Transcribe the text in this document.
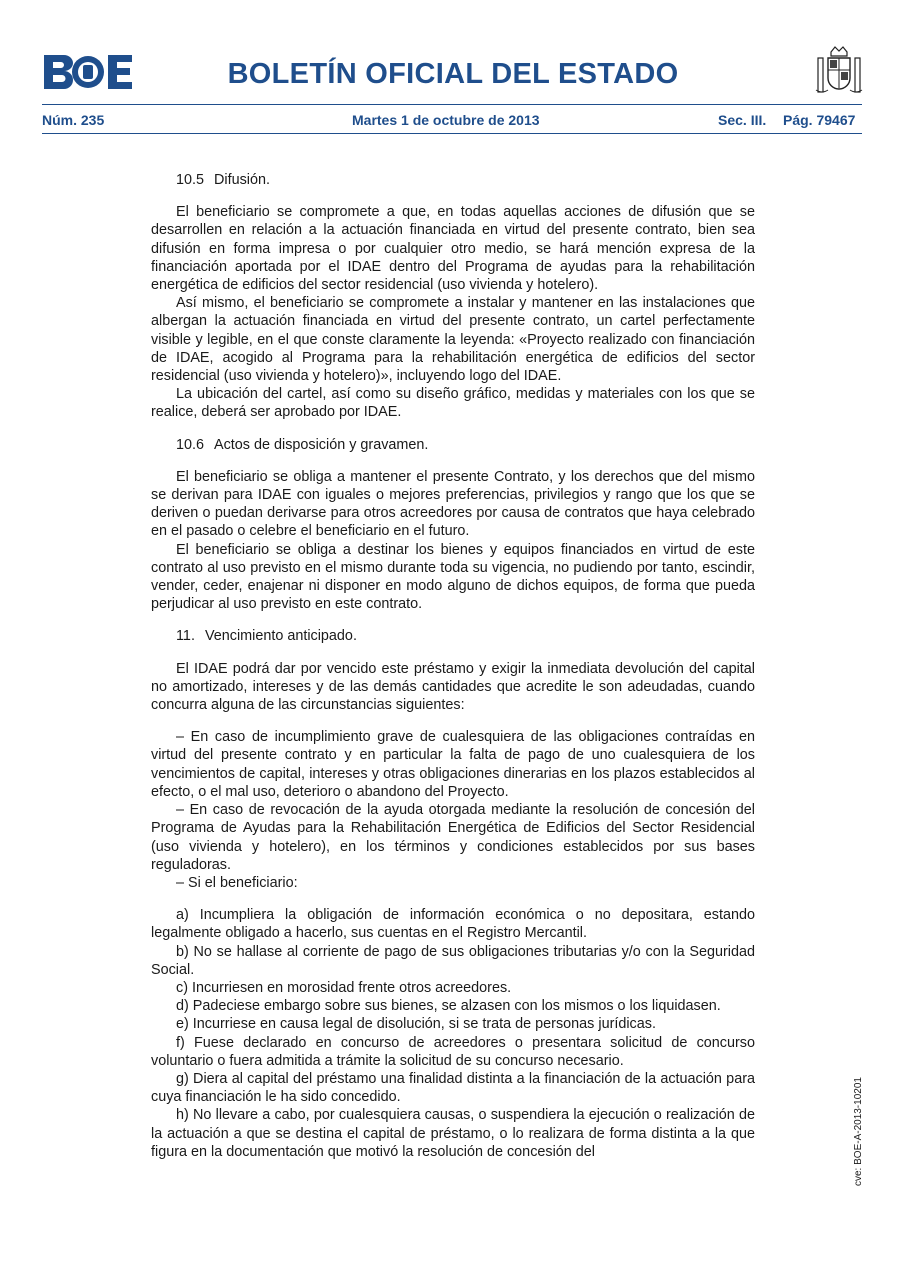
BOLETÍN OFICIAL DEL ESTADO
Núm. 235	Martes 1 de octubre de 2013	Sec. III. Pág. 79467

10.5 Difusión.

El beneficiario se compromete a que, en todas aquellas acciones de difusión que se desarrollen en relación a la actuación financiada en virtud del presente contrato, bien sea difusión en forma impresa o por cualquier otro medio, se hará mención expresa de la financiación aportada por el IDAE dentro del Programa de ayudas para la rehabilitación energética de edificios del sector residencial (uso vivienda y hotelero).

Así mismo, el beneficiario se compromete a instalar y mantener en las instalaciones que albergan la actuación financiada en virtud del presente contrato, un cartel perfectamente visible y legible, en el que conste claramente la leyenda: «Proyecto realizado con financiación de IDAE, acogido al Programa para la rehabilitación energética de edificios del sector residencial (uso vivienda y hotelero)», incluyendo logo del IDAE.

La ubicación del cartel, así como su diseño gráfico, medidas y materiales con los que se realice, deberá ser aprobado por IDAE.

10.6 Actos de disposición y gravamen.

El beneficiario se obliga a mantener el presente Contrato, y los derechos que del mismo se derivan para IDAE con iguales o mejores preferencias, privilegios y rango que los que se deriven o puedan derivarse para otros acreedores por causa de contratos que haya celebrado en el pasado o celebre el beneficiario en el futuro.

El beneficiario se obliga a destinar los bienes y equipos financiados en virtud de este contrato al uso previsto en el mismo durante toda su vigencia, no pudiendo por tanto, escindir, vender, ceder, enajenar ni disponer en modo alguno de dichos equipos, de forma que pueda perjudicar al uso previsto en este contrato.

11. Vencimiento anticipado.

El IDAE podrá dar por vencido este préstamo y exigir la inmediata devolución del capital no amortizado, intereses y de las demás cantidades que acredite le son adeudadas, cuando concurra alguna de las circunstancias siguientes:

– En caso de incumplimiento grave de cualesquiera de las obligaciones contraídas en virtud del presente contrato y en particular la falta de pago de uno cualesquiera de los vencimientos de capital, intereses y otras obligaciones dinerarias en los plazos establecidos al efecto, o el mal uso, deterioro o abandono del Proyecto.

– En caso de revocación de la ayuda otorgada mediante la resolución de concesión del Programa de Ayudas para la Rehabilitación Energética de Edificios del Sector Residencial (uso vivienda y hotelero), en los términos y condiciones establecidos por sus bases reguladoras.

– Si el beneficiario:

a) Incumpliera la obligación de información económica o no depositara, estando legalmente obligado a hacerlo, sus cuentas en el Registro Mercantil.

b) No se hallase al corriente de pago de sus obligaciones tributarias y/o con la Seguridad Social.

c) Incurriesen en morosidad frente otros acreedores.

d) Padeciese embargo sobre sus bienes, se alzasen con los mismos o los liquidasen.

e) Incurriese en causa legal de disolución, si se trata de personas jurídicas.

f) Fuese declarado en concurso de acreedores o presentara solicitud de concurso voluntario o fuera admitida a trámite la solicitud de su concurso necesario.

g) Diera al capital del préstamo una finalidad distinta a la financiación de la actuación para cuya financiación le ha sido concedido.

h) No llevare a cabo, por cualesquiera causas, o suspendiera la ejecución o realización de la actuación a que se destina el capital de préstamo, o lo realizara de forma distinta a la que figura en la documentación que motivó la resolución de concesión del	cve: BOE-A-2013-10201
